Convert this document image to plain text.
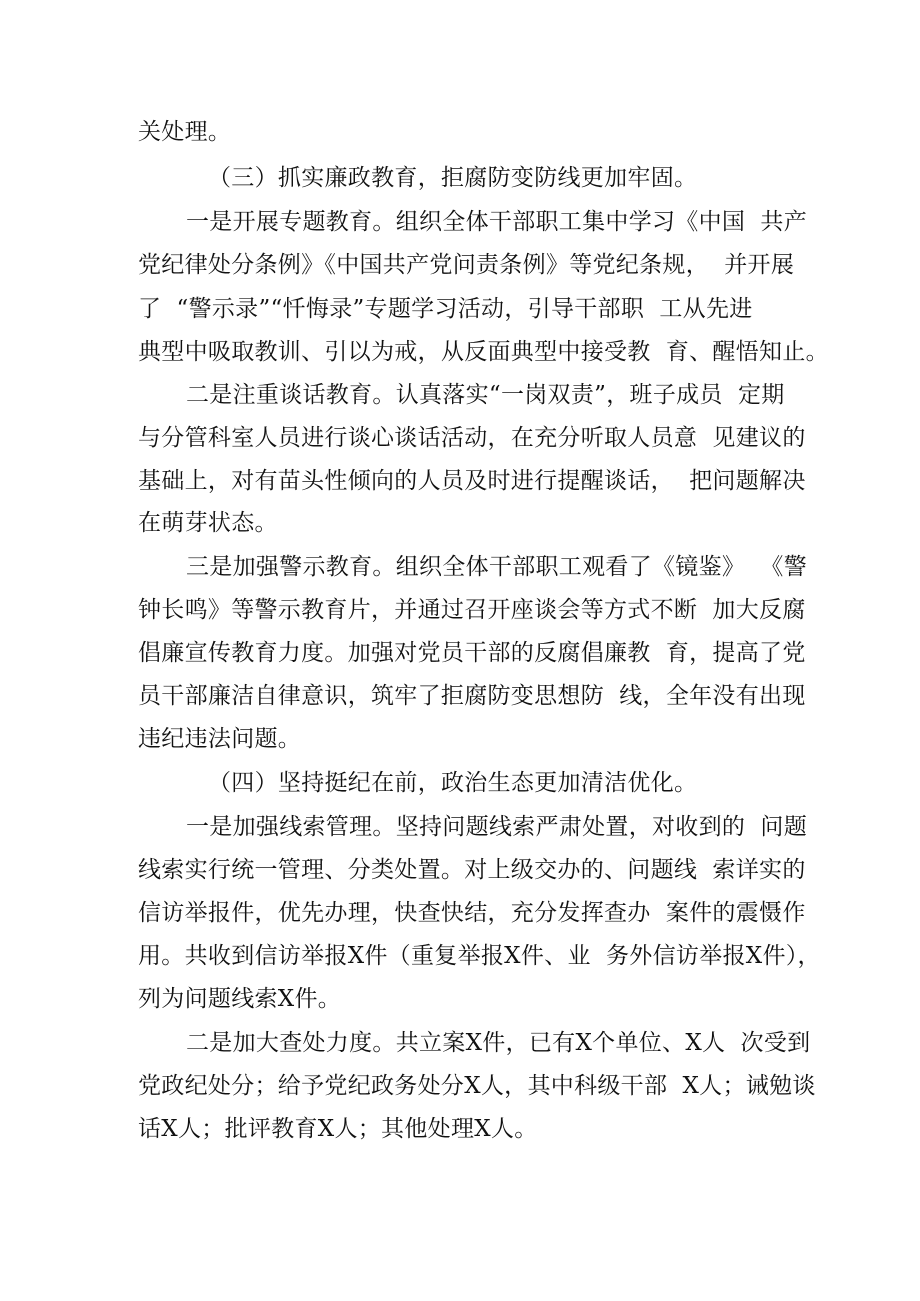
关处理。
（三）抓实廉政教育，拒腐防变防线更加牢固。
一是开展专题教育。组织全体干部职工集中学习《中国  共产
党纪律处分条例》《中国共产党问责条例》等党纪条规，  并开展
了  “警示录”“忏悔录”专题学习活动，引导干部职  工从先进
典型中吸取教训、引以为戒，从反面典型中接受教  育、醒悟知止。
二是注重谈话教育。认真落实“一岗双责”，班子成员  定期
与分管科室人员进行谈心谈话活动，在充分听取人员意  见建议的
基础上，对有苗头性倾向的人员及时进行提醒谈话，  把问题解决
在萌芽状态。
三是加强警示教育。组织全体干部职工观看了《镜鉴》  《警
钟长鸣》等警示教育片，并通过召开座谈会等方式不断  加大反腐
倡廉宣传教育力度。加强对党员干部的反腐倡廉教  育，提高了党
员干部廉洁自律意识，筑牢了拒腐防变思想防  线，全年没有出现
违纪违法问题。
（四）坚持挺纪在前，政治生态更加清洁优化。
一是加强线索管理。坚持问题线索严肃处置，对收到的  问题
线索实行统一管理、分类处置。对上级交办的、问题线  索详实的
信访举报件，优先办理，快查快结，充分发挥查办  案件的震慑作
用。共收到信访举报X件（重复举报X件、业  务外信访举报X件），
列为问题线索X件。
二是加大查处力度。共立案X件，已有X个单位、X人  次受到
党政纪处分；给予党纪政务处分X人，其中科级干部  X人；诫勉谈
话X人；批评教育X人；其他处理X人。
